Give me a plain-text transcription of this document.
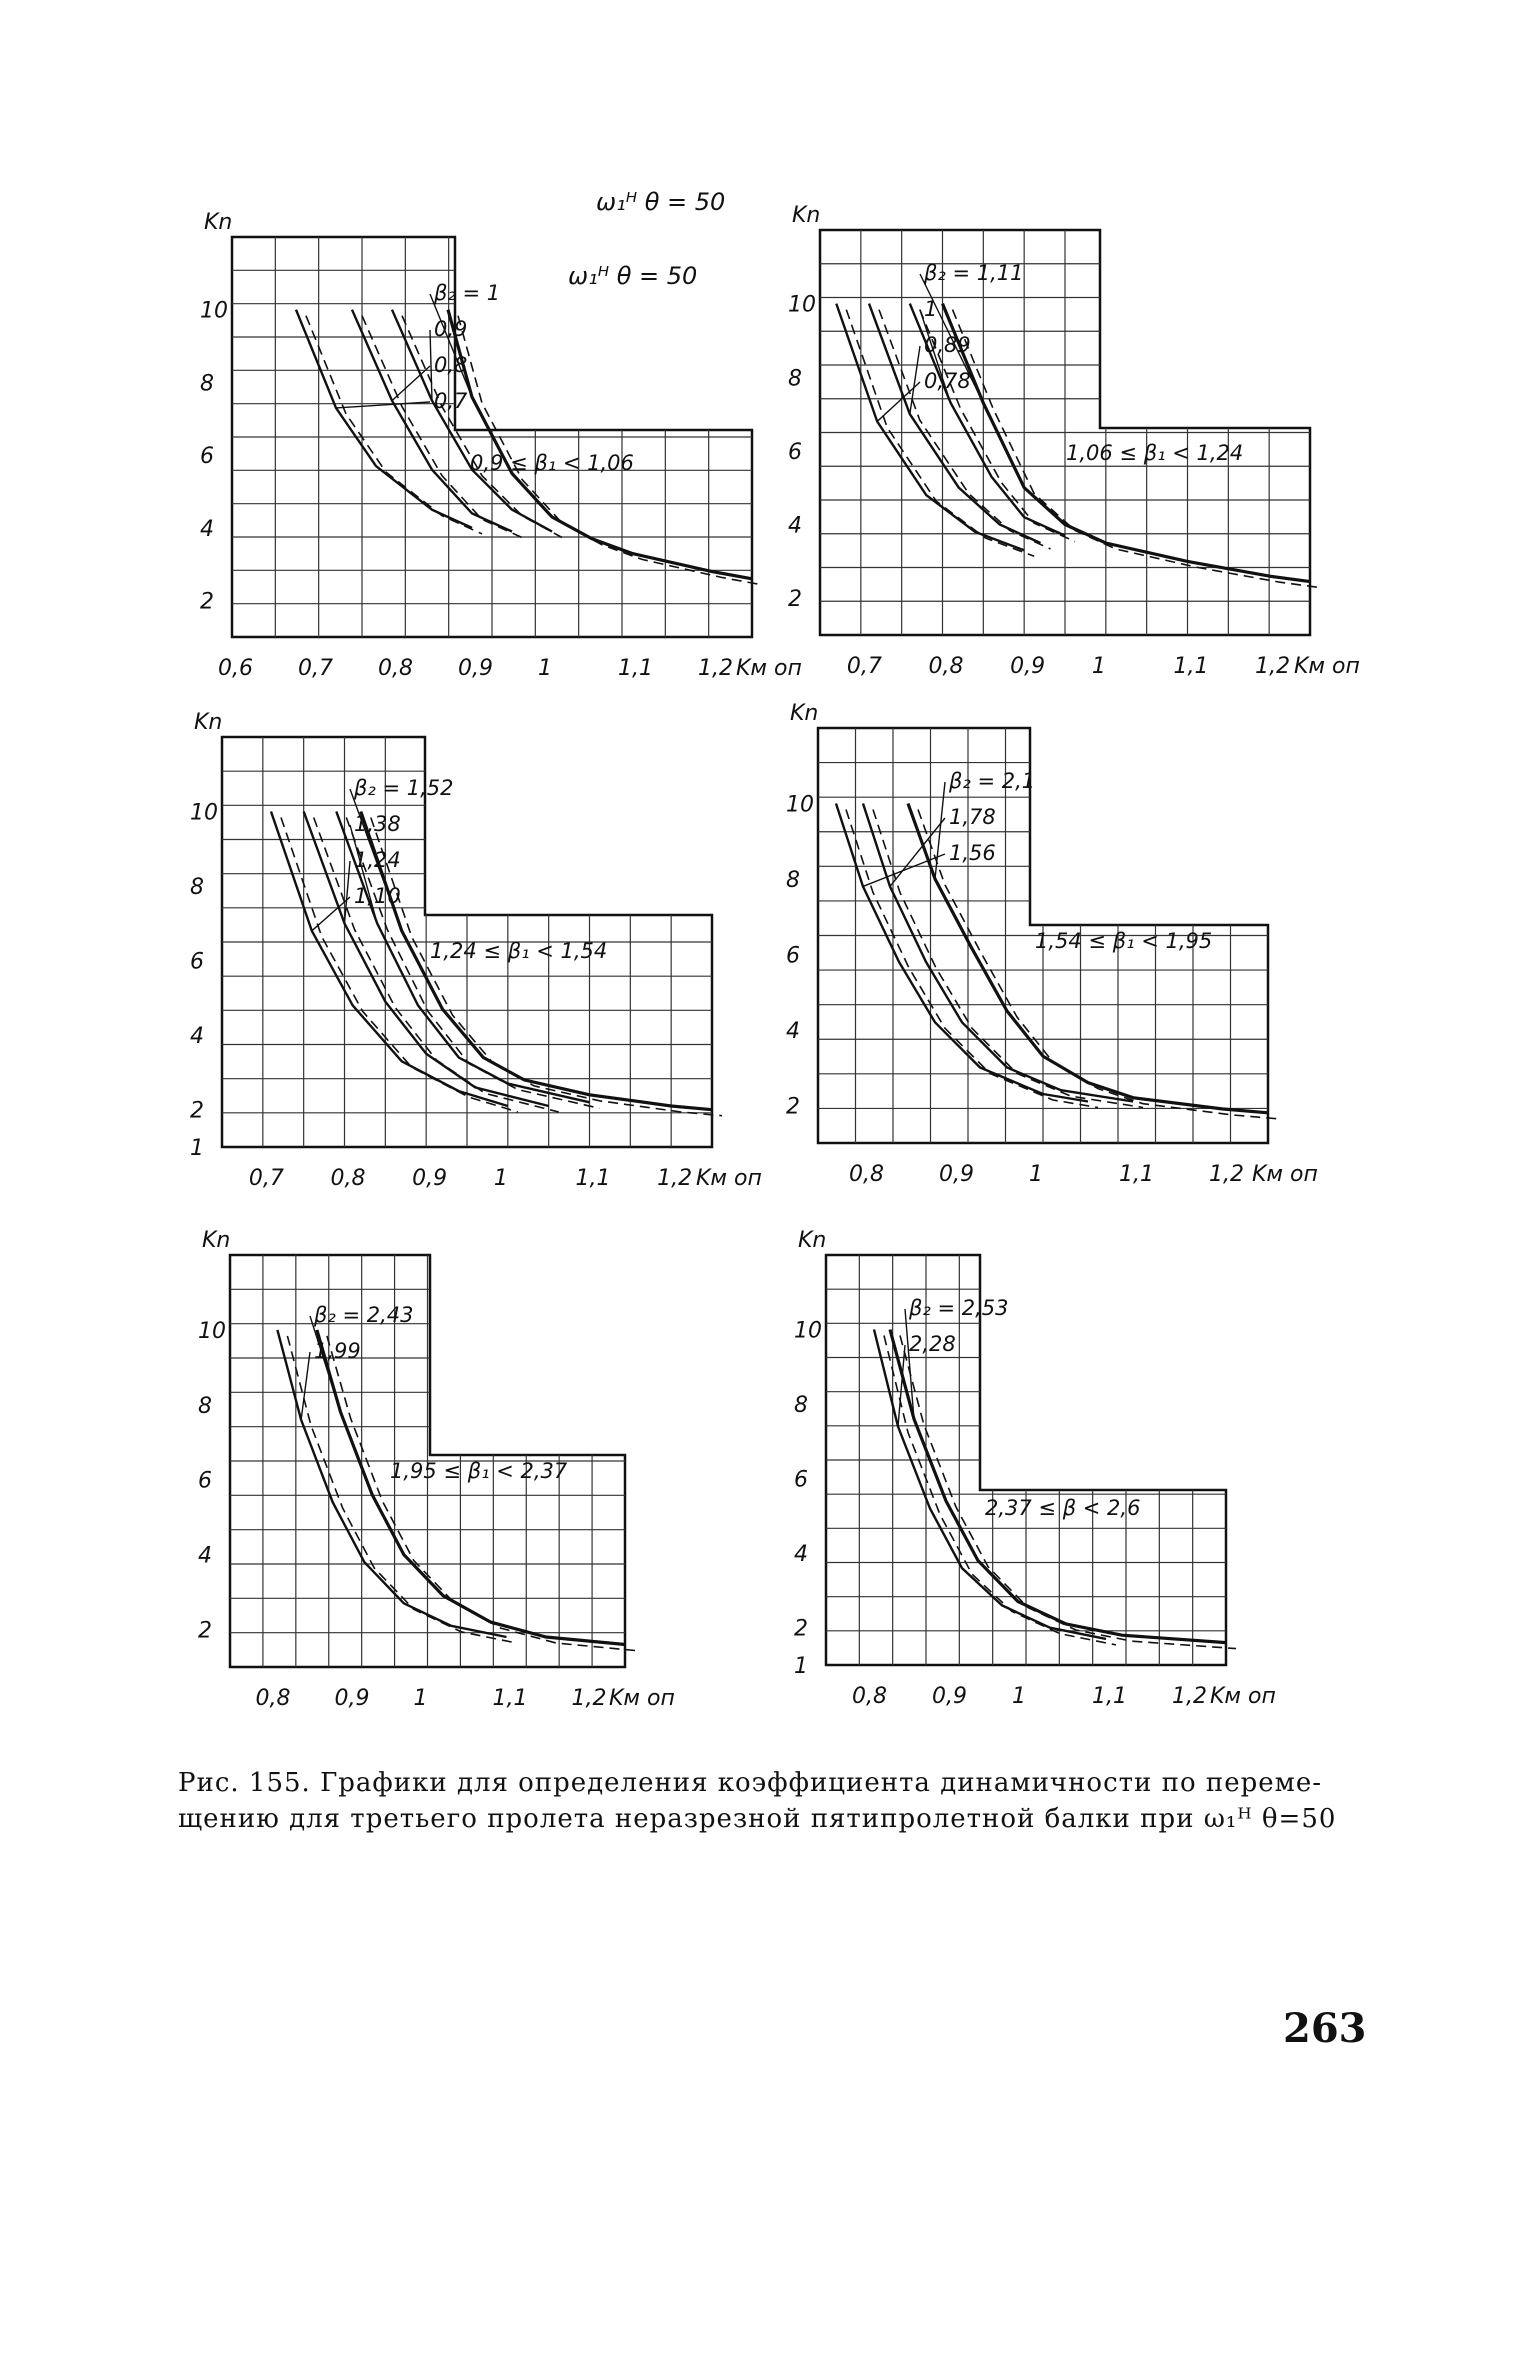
Kn
Kм оп
0,6 0,7 0,8 0,9 1	1,1 1,2
2
4
6
8
10
β₂ = 1
0,9
0,8
0,7
0,9 ≤ β₁ < 1,06
Kn
Kм оп
0,7 0,8 0,9 1	1,1 1,2
2
4
6
8
10
β₂ = 1,11
1
0,89
0,78
1,06 ≤ β₁ < 1,24
Kn
Kм оп
0,7 0,8 0,9 1	1,1 1,2
1
2
4
6
8
10
β₂ = 1,52
1,38
1,24
1,10
1,24 ≤ β₁ < 1,54
Kn
Kм оп
0,8	0,9	1	1,1	1,2
2
4
6
8
10
β₂ = 2,1
1,78
1,56
1,54 ≤ β₁ < 1,95
Kn
Kм оп
0,8 0,9 1	1,1 1,2
2
4
6
8
10
β₂ = 2,43
1,99
1,95 ≤ β₁ < 2,37
Kn
Kм оп
0,8 0,9 1	1,1 1,2
1
2
4
6
8
10
β₂ = 2,53
2,28
2,37 ≤ β < 2,6
ω₁ᴴ θ = 50
ω₁ᴴ θ = 50
Рис. 155. Графики для определения коэффициента динамичности по переме-
щению для третьего пролета неразрезной пятипролетной балки при ω₁ᴴ θ=50
263
